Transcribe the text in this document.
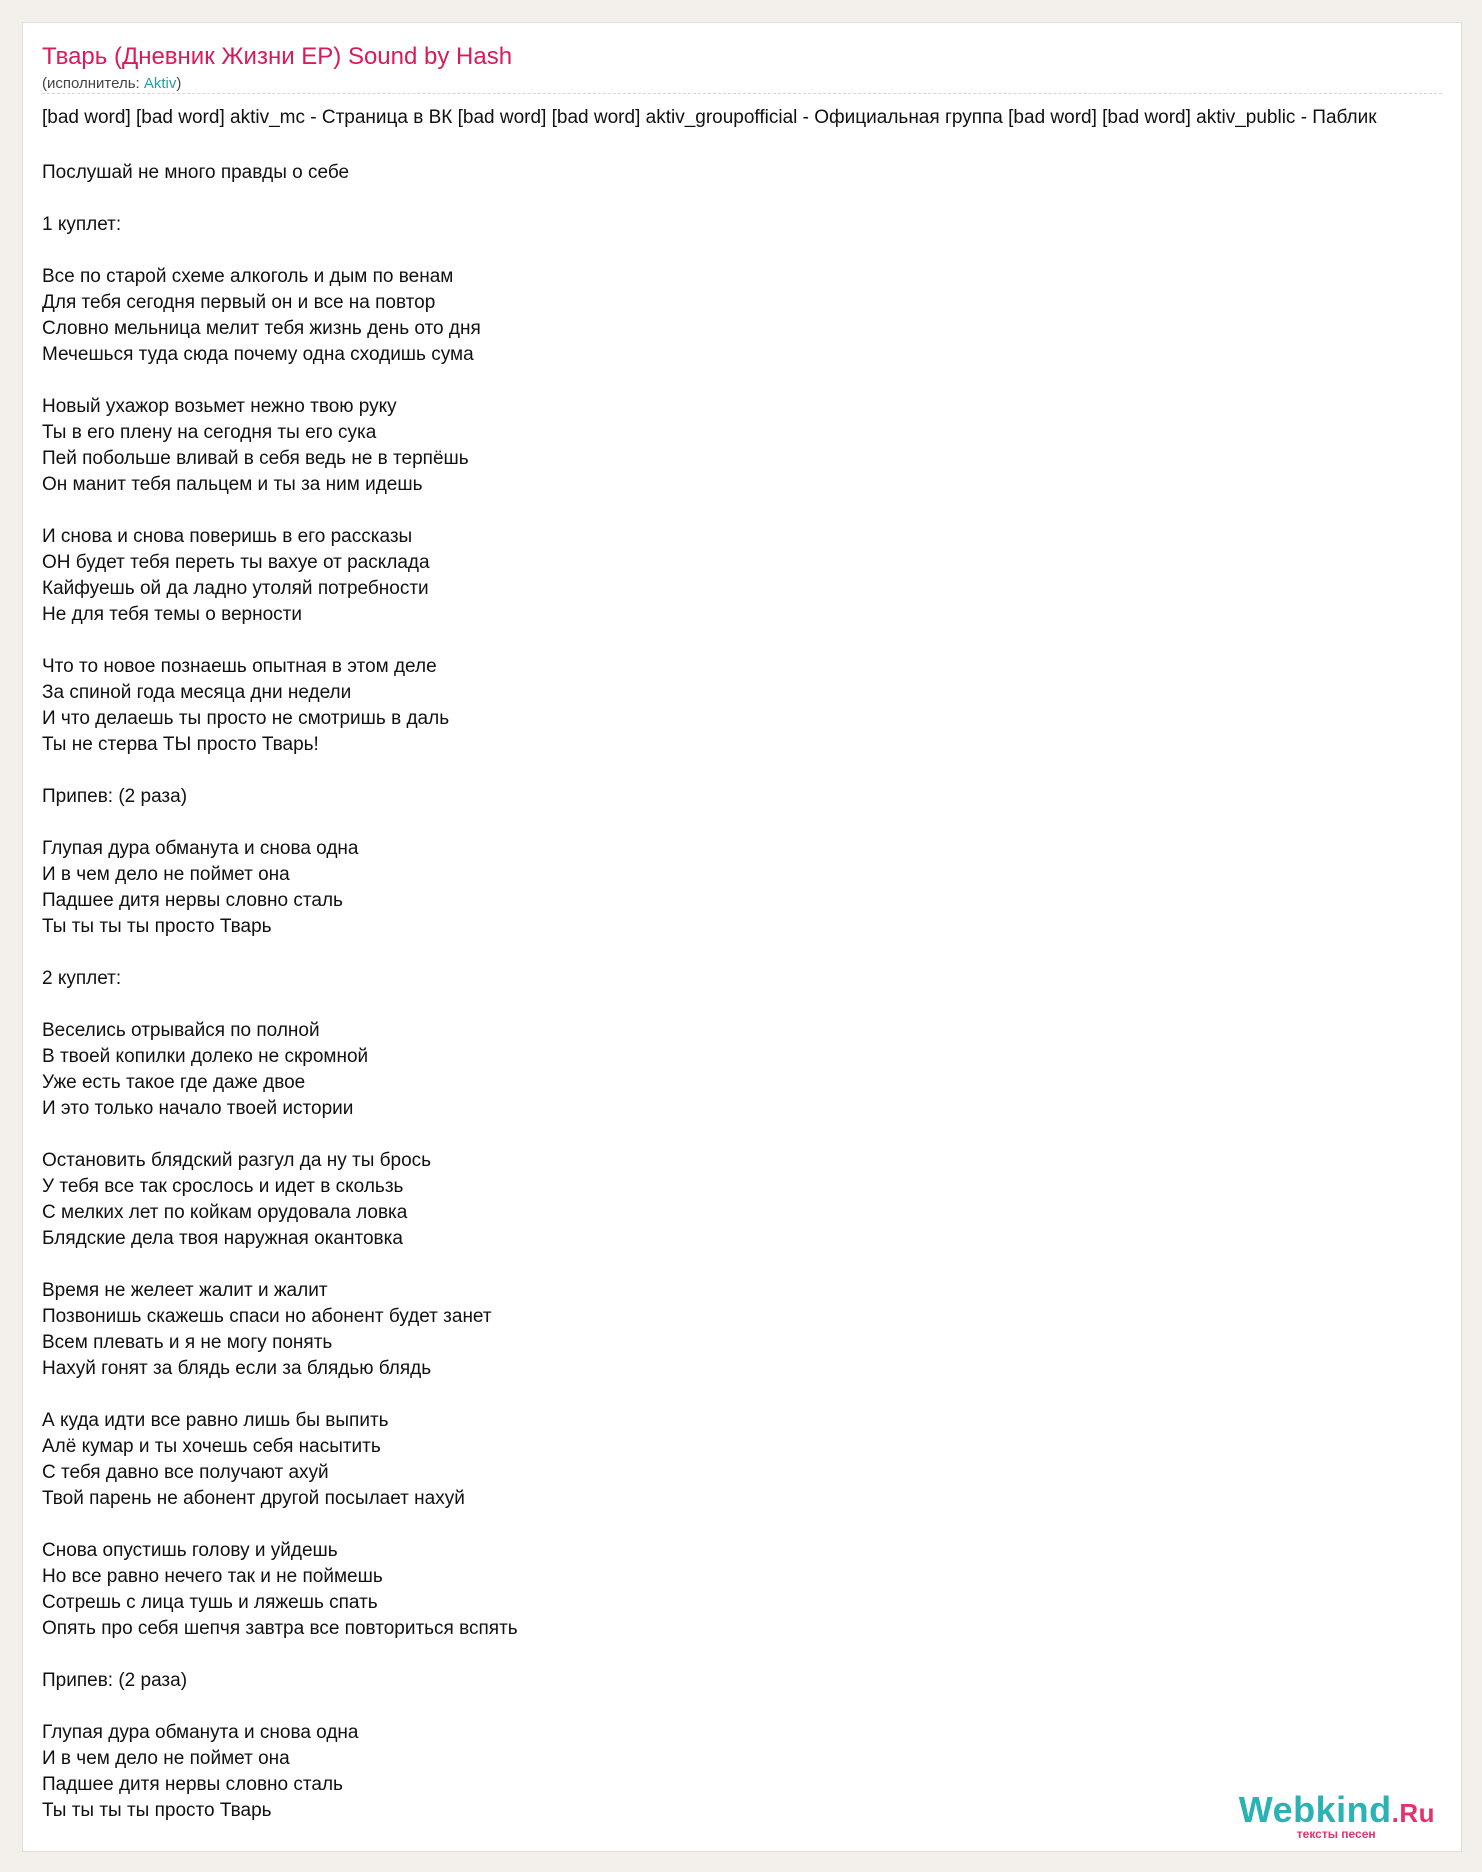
Тварь (Дневник Жизни EP) Sound by Hash
(исполнитель: Aktiv)
[bad word] [bad word] aktiv_mc - Страница в ВК [bad word] [bad word] aktiv_groupofficial - Официальная группа [bad word] [bad word] aktiv_public - Паблик
Послушай не много правды о себе
1 куплет:
Все по старой схеме алкоголь и дым по венам
Для тебя сегодня первый он и все на повтор
Словно мельница мелит тебя жизнь день ото дня
Мечешься туда сюда почему одна сходишь сума
Новый ухажор возьмет нежно твою руку
Ты в его плену на сегодня ты его сука
Пей побольше вливай в себя ведь не в терпёшь
Он манит тебя пальцем и ты за ним идешь
И снова и снова поверишь в его рассказы
ОН будет тебя переть ты вахуе от расклада
Кайфуешь ой да ладно утоляй потребности
Не для тебя темы о верности
Что то новое познаешь опытная в этом деле
За спиной года месяца дни недели
И что делаешь ты просто не смотришь в даль
Ты не стерва ТЫ просто Тварь!
Припев: (2 раза)
Глупая дура обманута и снова одна
И в чем дело не поймет она
Падшее дитя нервы словно сталь
Ты ты ты ты просто Тварь
2 куплет:
Веселись отрывайся по полной
В твоей копилки долеко не скромной
Уже есть такое где даже двое
И это только начало твоей истории
Остановить блядский разгул да ну ты брось
У тебя все так срослось и идет в скользь
С мелких лет по койкам орудовала ловка
Блядские дела твоя наружная окантовка
Время не желеет жалит и жалит
Позвонишь скажешь спаси но абонент будет занет
Всем плевать и я не могу понять
Нахуй гонят за блядь если за блядью блядь
А куда идти все равно лишь бы выпить
Алё кумар и ты хочешь себя насытить
С тебя давно все получают ахуй
Твой парень не абонент другой посылает нахуй
Снова опустишь голову и уйдешь
Но все равно нечего так и не поймешь
Сотрешь с лица тушь и ляжешь спать
Опять про себя шепчя завтра все повториться вспять
Припев: (2 раза)
Глупая дура обманута и снова одна
И в чем дело не поймет она
Падшее дитя нервы словно сталь
Ты ты ты ты просто Тварь	Webkind.Ru
тексты песен
